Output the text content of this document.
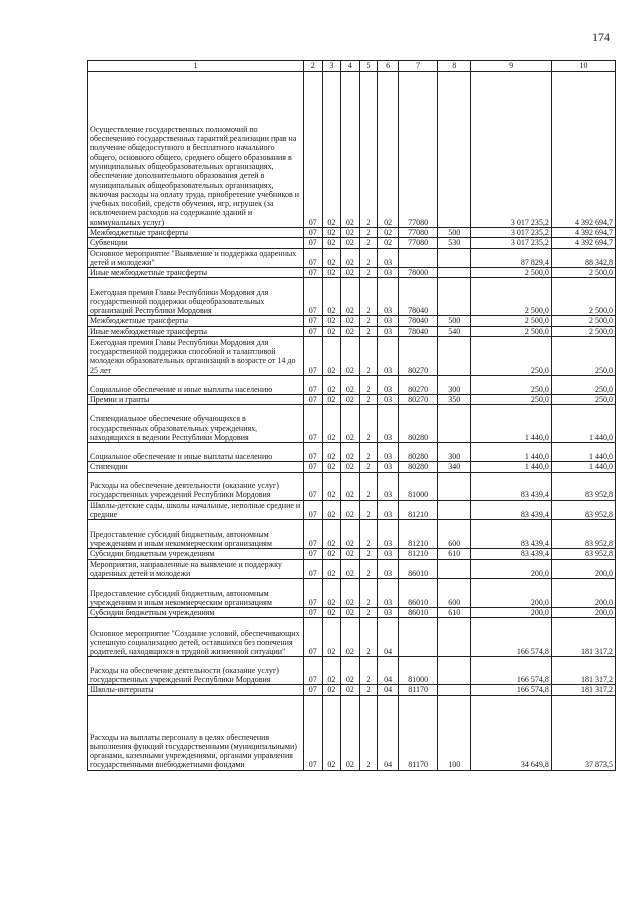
174
1	2	3	4	5	6	7	8	9	10
Осуществление государственных полномочий по обеспечению государственных гарантий реализации прав на получение общедоступного и бесплатного начального общего, основного общего, среднего общего образования в муниципальных общеобразовательных организациях, обеспечение дополнительного образования детей в муниципальных общеобразовательных организациях, включая расходы на оплату труда, приобретение учебников и учебных пособий, средств обучения, игр, игрушек (за исключением расходов на содержание зданий и коммунальных услуг)	07	02	02	2	02	77080		3 017 235,2	4 392 694,7
Межбюджетные трансферты	07	02	02	2	02	77080	500	3 017 235,2	4 392 694,7
Субвенции	07	02	02	2	02	77080	530	3 017 235,2	4 392 694,7
Основное мероприятие "Выявление и поддержка одаренных детей и молодежи"	07	02	02	2	03			87 829,4	88 342,8
Иные межбюджетные трансферты	07	02	02	2	03	78000		2 500,0	2 500,0
Ежегодная премия Главы Республики Мордовия для государственной поддержки общеобразовательных организаций Республики Мордовия	07	02	02	2	03	78040		2 500,0	2 500,0
Межбюджетные трансферты	07	02	02	2	03	78040	500	2 500,0	2 500,0
Иные межбюджетные трансферты	07	02	02	2	03	78040	540	2 500,0	2 500,0
Ежегодная премия Главы Республики Мордовия для государственной поддержки способной и талантливой молодежи образовательных организаций в возрасте от 14 до 25 лет	07	02	02	2	03	80270		250,0	250,0
Социальное обеспечение и иные выплаты населению	07	02	02	2	03	80270	300	250,0	250,0
Премии и гранты	07	02	02	2	03	80270	350	250,0	250,0
Стипендиальное обеспечение обучающихся в государственных образовательных учреждениях, находящихся в ведении Республики Мордовия	07	02	02	2	03	80280		1 440,0	1 440,0
Социальное обеспечение и иные выплаты населению	07	02	02	2	03	80280	300	1 440,0	1 440,0
Стипендии	07	02	02	2	03	80280	340	1 440,0	1 440,0
Расходы на обеспечение деятельности (оказание услуг) государственных учреждений Республики Мордовия	07	02	02	2	03	81000		83 439,4	83 952,8
Школы-детские сады, школы начальные, неполные средние и средние	07	02	02	2	03	81210		83 439,4	83 952,8
Предоставление субсидий бюджетным, автономным учреждениям и иным некоммерческим организациям	07	02	02	2	03	81210	600	83 439,4	83 952,8
Субсидии бюджетным учреждениям	07	02	02	2	03	81210	610	83 439,4	83 952,8
Мероприятия, направленные на выявление и поддержку одаренных детей и молодежи	07	02	02	2	03	86010		200,0	200,0
Предоставление субсидий бюджетным, автономным учреждениям и иным некоммерческим организациям	07	02	02	2	03	86010	600	200,0	200,0
Субсидии бюджетным учреждениям	07	02	02	2	03	86010	610	200,0	200,0
Основное мероприятие "Создание условий, обеспечивающих успешную социализацию детей, оставшихся без попечения родителей, находящихся в трудной жизненной ситуации"	07	02	02	2	04			166 574,8	181 317,2
Расходы на обеспечение деятельности (оказание услуг) государственных учреждений Республики Мордовия	07	02	02	2	04	81000		166 574,8	181 317,2
Школы-интернаты	07	02	02	2	04	81170		166 574,8	181 317,2
Расходы на выплаты персоналу в целях обеспечения выполнения функций государственными (муниципальными) органами, казенными учреждениями, органами управления государственными внебюджетными фондами	07	02	02	2	04	81170	100	34 649,8	37 873,5
